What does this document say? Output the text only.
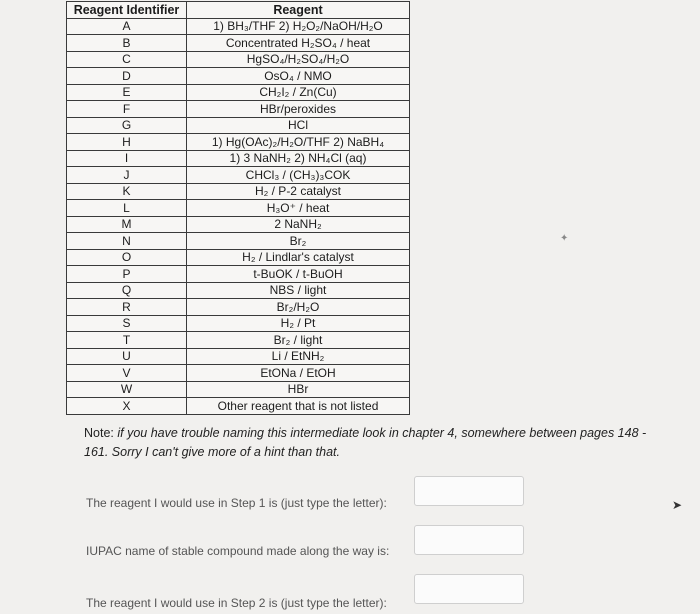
Reagent Identifier	Reagent
A	1) BH₃/THF 2) H₂O₂/NaOH/H₂O
B	Concentrated H₂SO₄ / heat
C	HgSO₄/H₂SO₄/H₂O
D	OsO₄ / NMO
E	CH₂I₂ / Zn(Cu)
F	HBr/peroxides
G	HCl
H	1) Hg(OAc)₂/H₂O/THF 2) NaBH₄
I	1) 3 NaNH₂ 2) NH₄Cl (aq)
J	CHCl₃ / (CH₃)₃COK
K	H₂ / P-2 catalyst
L	H₃O⁺ / heat
M	2 NaNH₂
N	Br₂
O	H₂ / Lindlar's catalyst
P	t-BuOK / t-BuOH
Q	NBS / light
R	Br₂/H₂O
S	H₂ / Pt
T	Br₂ / light
U	Li / EtNH₂
V	EtONa / EtOH
W	HBr
X	Other reagent that is not listed
✦
Note: if you have trouble naming this intermediate look in chapter 4, somewhere between pages 148 - 161. Sorry I can't give more of a hint than that.
The reagent I would use in Step 1 is (just type the letter):	➤
IUPAC name of stable compound made along the way is:
The reagent I would use in Step 2 is (just type the letter):
